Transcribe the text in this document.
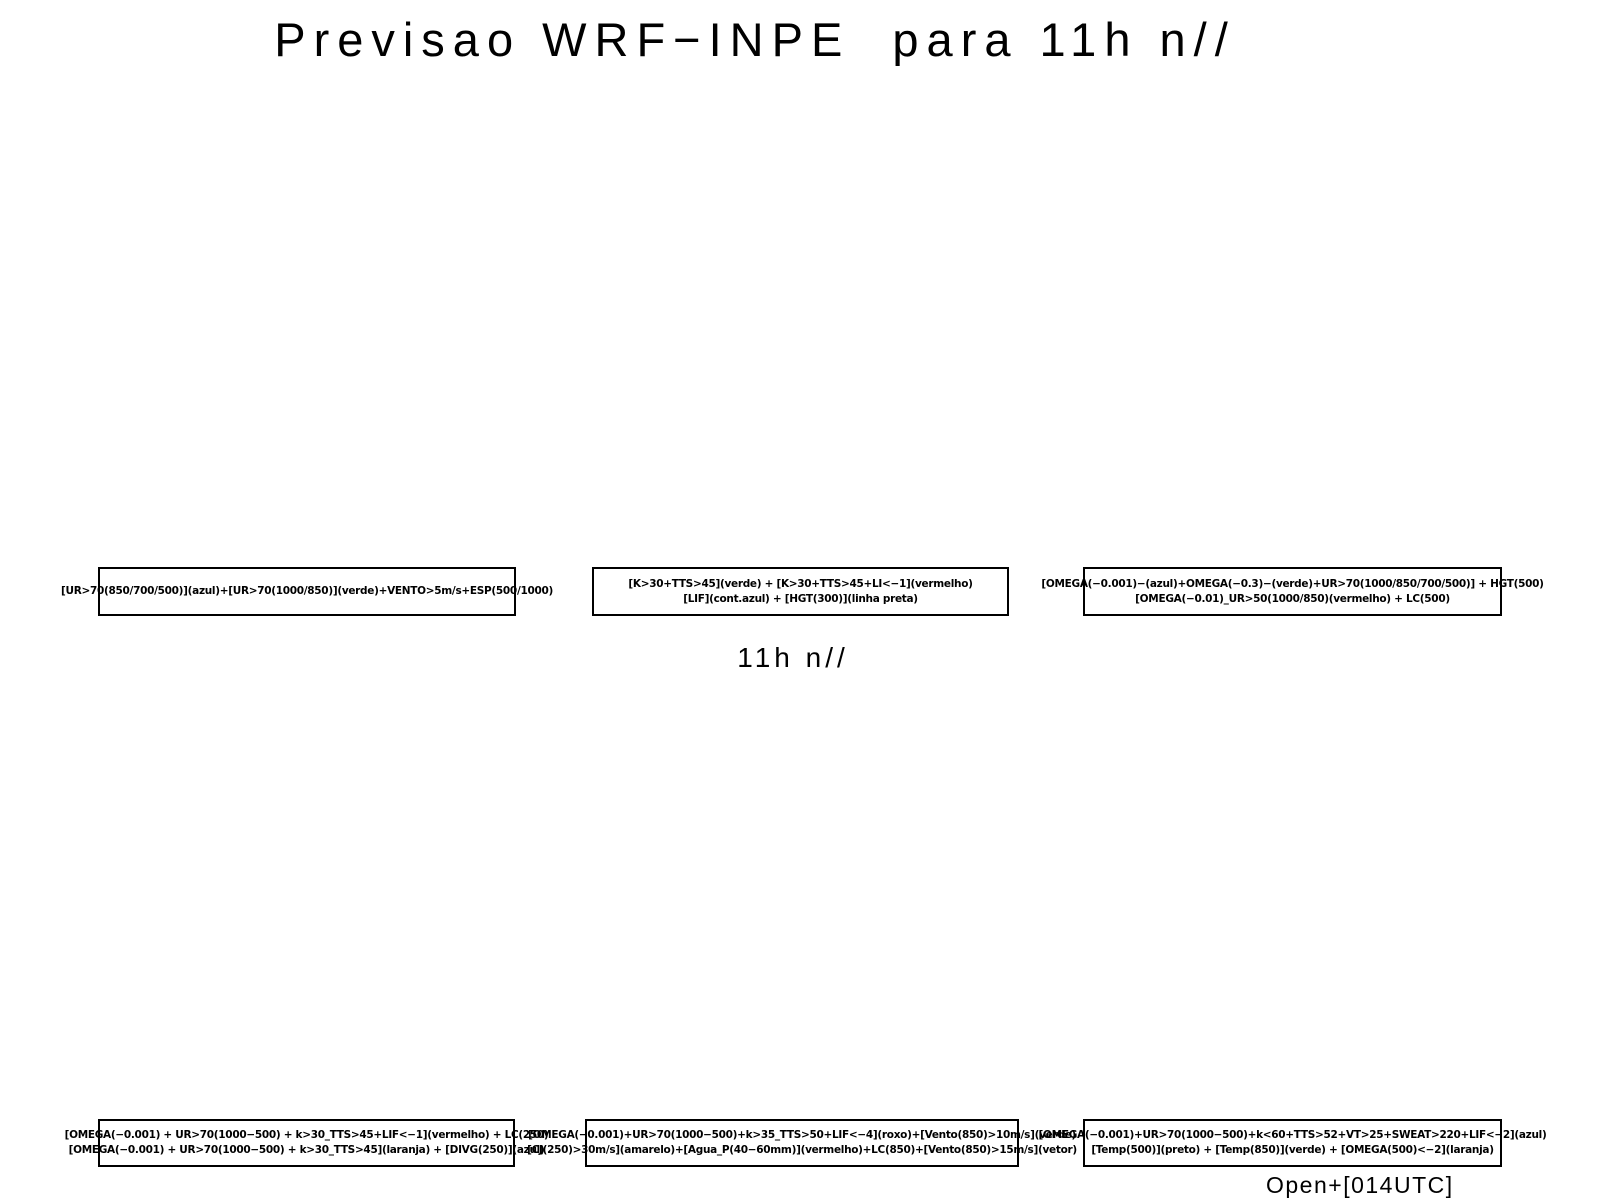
Previsao WRF−INPE  para 11h n//
[UR>70(850/700/500)](azul)+[UR>70(1000/850)](verde)+VENTO>5m/s+ESP(500/1000)
[K>30+TTS>45](verde) + [K>30+TTS>45+LI<−1](vermelho)
[LIF](cont.azul) + [HGT(300)](linha preta)
[OMEGA(−0.001)−(azul)+OMEGA(−0.3)−(verde)+UR>70(1000/850/700/500)] + HGT(500)
[OMEGA(−0.01)_UR>50(1000/850)(vermelho) + LC(500)
11h n//
[OMEGA(−0.001) + UR>70(1000−500) + k>30_TTS>45+LIF<−1](vermelho) + LC(250)
[OMEGA(−0.001) + UR>70(1000−500) + k>30_TTS>45](laranja) + [DIVG(250)](azul)
[OMEGA(−0.001)+UR>70(1000−500)+k>35_TTS>50+LIF<−4](roxo)+[Vento(850)>10m/s](verde)
[CJ(250)>30m/s](amarelo)+[Agua_P(40−60mm)](vermelho)+LC(850)+[Vento(850)>15m/s](vetor)
[OMEGA(−0.001)+UR>70(1000−500)+k<60+TTS>52+VT>25+SWEAT>220+LIF<−2](azul)
[Temp(500)](preto) + [Temp(850)](verde) + [OMEGA(500)<−2](laranja)
Open+[014UTC]
